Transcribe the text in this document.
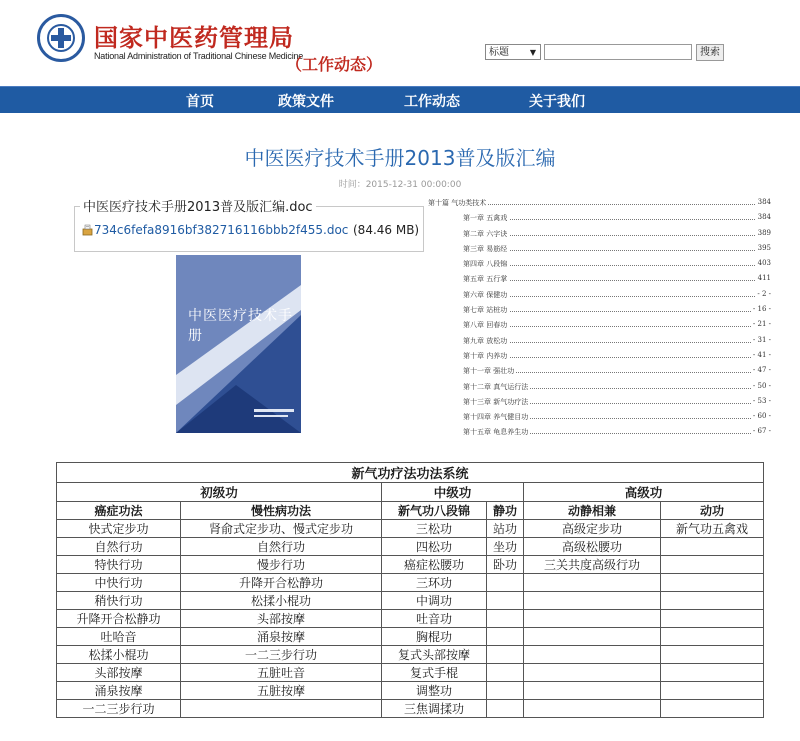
国家中医药管理局
National Administration of Traditional Chinese Medicine
（工作动态）
标题	▼	搜索
首页	政策文件	工作动态	关于我们
中医医疗技术手册2013普及版汇编
时间：2015-12-31 00:00:00
中医医疗技术手册2013普及版汇编.doc
734c6fefa8916bf382716116bbb2f455.doc (84.46 MB)
中医医疗技术手册
第十篇 气功类技术	384
第一章 五禽戏	384
第二章 六字诀	389
第三章 易筋经	395
第四章 八段锦	403
第五章 五行掌	411
第六章 保健功	- 2 -
第七章 站桩功	- 16 -
第八章 回春功	- 21 -
第九章 放松功	- 31 -
第十章 内养功	- 41 -
第十一章 强壮功	- 47 -
第十二章 真气运行法	- 50 -
第十三章 新气功疗法	- 53 -
第十四章 养气健目功	- 60 -
第十五章 龟息养生功	- 67 -
新气功疗法功法系统					
初级功		中级功		高级功	
癌症功法	慢性病功法	新气功八段锦	静功	动静相兼	动功
快式定步功	肾俞式定步功、慢式定步功	三松功	站功	高级定步功	新气功五禽戏
自然行功	自然行功	四松功	坐功	高级松腰功	
特快行功	慢步行功	癌症松腰功	卧功	三关共度高级行功	
中快行功	升降开合松静功	三环功			
稍快行功	松揉小棍功	中调功			
升降开合松静功	头部按摩	吐音功			
吐哈音	涌泉按摩	胸棍功			
松揉小棍功	一二三步行功	复式头部按摩			
头部按摩	五脏吐音	复式手棍			
涌泉按摩	五脏按摩	调整功			
一二三步行功		三焦调揉功			
